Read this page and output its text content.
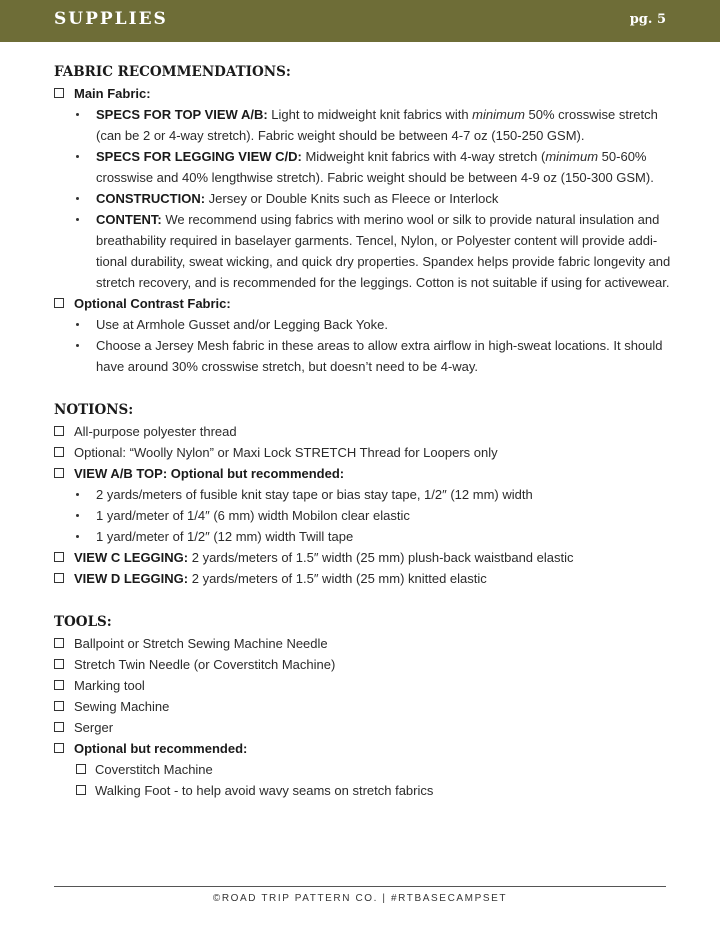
SUPPLIES	pg. 5
FABRIC RECOMMENDATIONS:
Main Fabric:
SPECS FOR TOP VIEW A/B: Light to midweight knit fabrics with minimum 50% crosswise stretch
(can be 2 or 4-way stretch). Fabric weight should be between 4-7 oz (150-250 GSM).
SPECS FOR LEGGING VIEW C/D: Midweight knit fabrics with 4-way stretch (minimum 50-60%
crosswise and 40% lengthwise stretch). Fabric weight should be between 4-9 oz (150-300 GSM).
CONSTRUCTION: Jersey or Double Knits such as Fleece or Interlock
CONTENT: We recommend using fabrics with merino wool or silk to provide natural insulation and
breathability required in baselayer garments. Tencel, Nylon, or Polyester content will provide addi-
tional durability, sweat wicking, and quick dry properties. Spandex helps provide fabric longevity and
stretch recovery, and is recommended for the leggings. Cotton is not suitable if using for activewear.
Optional Contrast Fabric:
Use at Armhole Gusset and/or Legging Back Yoke.
Choose a Jersey Mesh fabric in these areas to allow extra airflow in high-sweat locations. It should
have around 30% crosswise stretch, but doesn’t need to be 4-way.
NOTIONS:
All-purpose polyester thread
Optional: “Woolly Nylon” or Maxi Lock STRETCH Thread for Loopers only
VIEW A/B TOP: Optional but recommended:
2 yards/meters of fusible knit stay tape or bias stay tape, 1/2″ (12 mm) width
1 yard/meter of 1/4″ (6 mm) width Mobilon clear elastic
1 yard/meter of 1/2″ (12 mm) width Twill tape
VIEW C LEGGING: 2 yards/meters of 1.5″ width (25 mm) plush-back waistband elastic
VIEW D LEGGING: 2 yards/meters of 1.5″ width (25 mm) knitted elastic
TOOLS:
Ballpoint or Stretch Sewing Machine Needle
Stretch Twin Needle (or Coverstitch Machine)
Marking tool
Sewing Machine
Serger
Optional but recommended:
Coverstitch Machine
Walking Foot - to help avoid wavy seams on stretch fabrics
©ROAD TRIP PATTERN CO. | #RTBASECAMPSET
